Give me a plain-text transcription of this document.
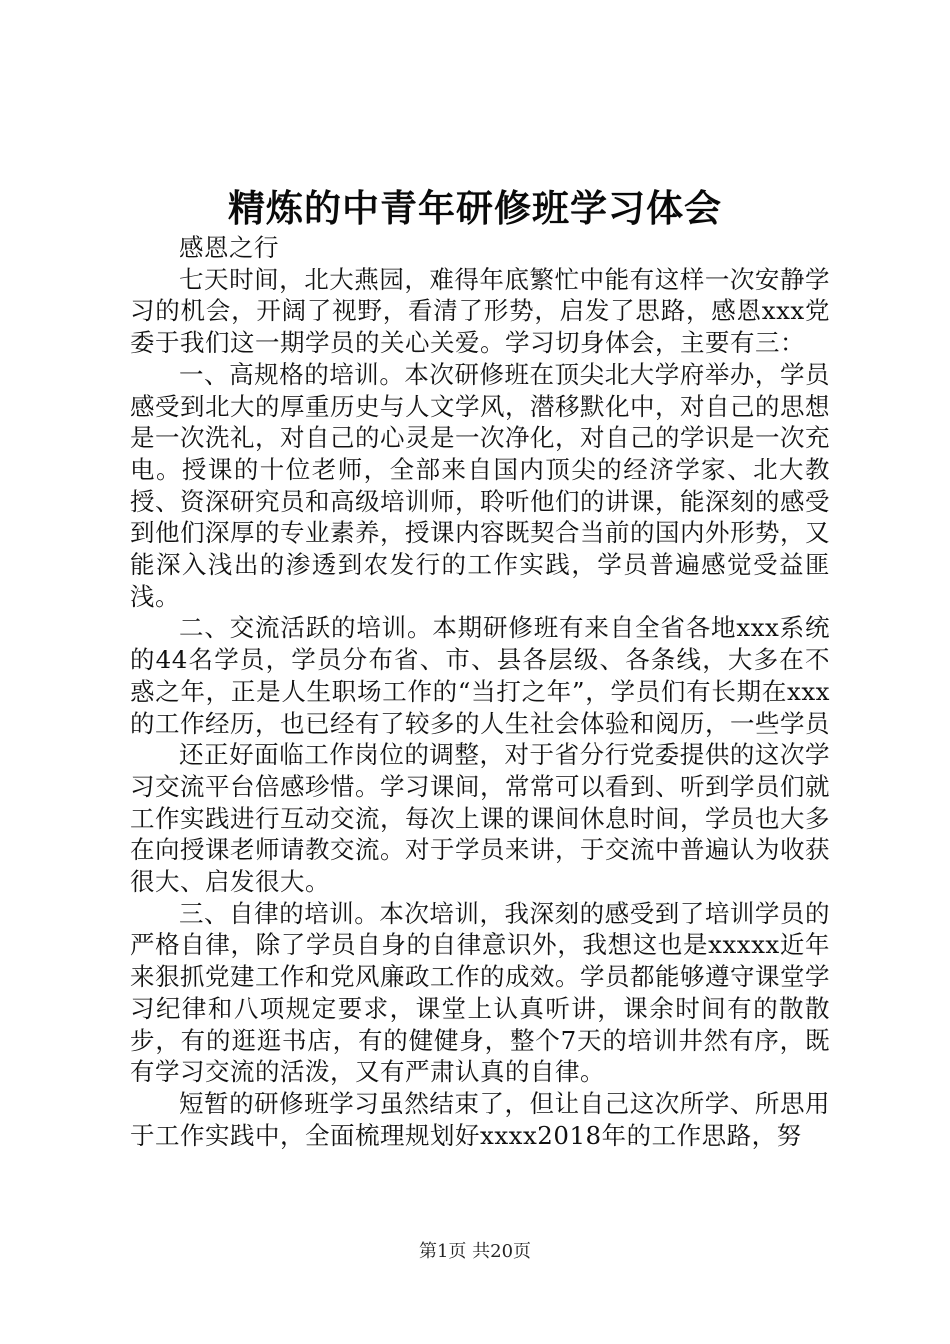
精炼的中青年研修班学习体会

感恩之行

七天时间，北大燕园，难得年底繁忙中能有这样一次安静学习的机会，开阔了视野，看清了形势，启发了思路，感恩xxx党委于我们这一期学员的关心关爱。学习切身体会，主要有三：

一、高规格的培训。本次研修班在顶尖北大学府举办，学员感受到北大的厚重历史与人文学风，潜移默化中，对自己的思想是一次洗礼，对自己的心灵是一次净化，对自己的学识是一次充电。授课的十位老师，全部来自国内顶尖的经济学家、北大教授、资深研究员和高级培训师，聆听他们的讲课，能深刻的感受到他们深厚的专业素养，授课内容既契合当前的国内外形势，又能深入浅出的渗透到农发行的工作实践，学员普遍感觉受益匪浅。

二、交流活跃的培训。本期研修班有来自全省各地xxx系统的44名学员，学员分布省、市、县各层级、各条线，大多在不惑之年，正是人生职场工作的“当打之年”，学员们有长期在xxx的工作经历，也已经有了较多的人生社会体验和阅历，一些学员

还正好面临工作岗位的调整，对于省分行党委提供的这次学习交流平台倍感珍惜。学习课间，常常可以看到、听到学员们就工作实践进行互动交流，每次上课的课间休息时间，学员也大多在向授课老师请教交流。对于学员来讲，于交流中普遍认为收获很大、启发很大。

三、自律的培训。本次培训，我深刻的感受到了培训学员的严格自律，除了学员自身的自律意识外，我想这也是xxxxx近年来狠抓党建工作和党风廉政工作的成效。学员都能够遵守课堂学习纪律和八项规定要求，课堂上认真听讲，课余时间有的散散步，有的逛逛书店，有的健健身，整个7天的培训井然有序，既有学习交流的活泼，又有严肃认真的自律。

短暂的研修班学习虽然结束了，但让自己这次所学、所思用于工作实践中，全面梳理规划好xxxx2018年的工作思路，努

第1页 共20页
